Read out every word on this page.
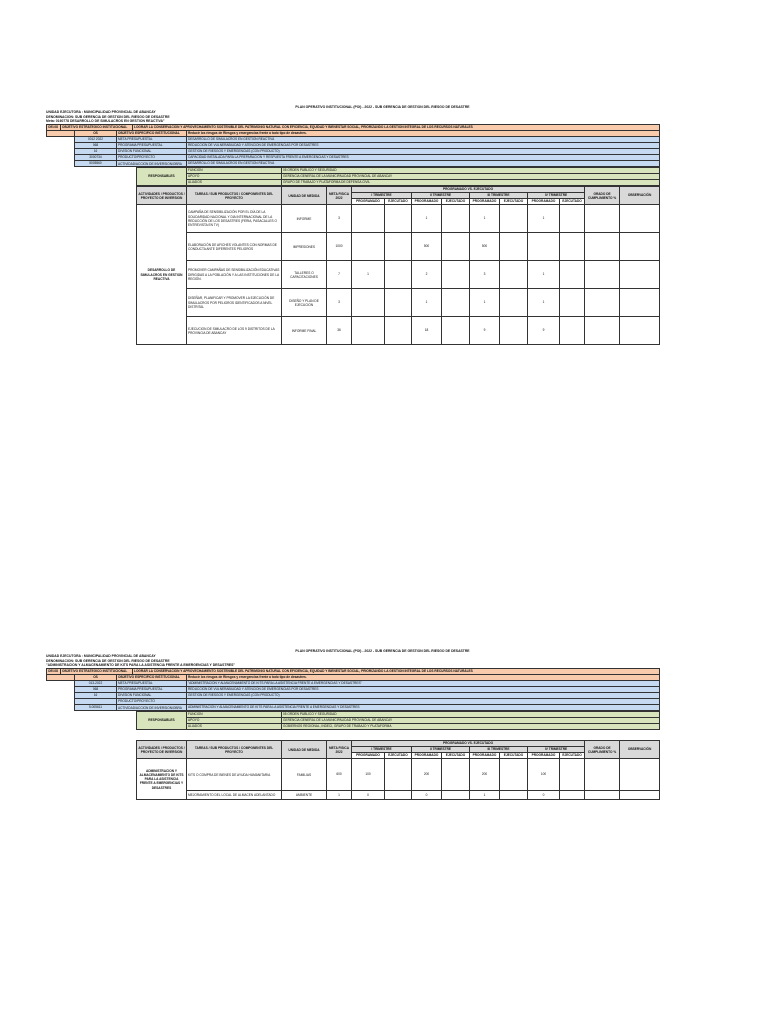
PLAN OPERATIVO INSTITUCIONAL (POI) - 2022 - SUB GERENCIA DE GESTION DEL RIESGO DE DESASTRE
UNIDAD EJECUTORA : MUNICIPALIDAD PROVINCIAL DE ABANCAY
DENOMINACION: SUB GERENCIA DE GESTION DEL RIESGO DE DESASTRE
Meta: 0160778 DESARROLLO DE SIMULACROS EN GESTION REACTIVA"
OEI.08	OBJETIVO ESTRATEGICO INSTITUCIONAL	LOGRAR LA CONSERVACION Y APROVECHAMIENTO SOSTENIBLE DEL PATRIMONIO NATURAL CON EFICIENCIA, EQUIDAD Y BIENESTAR SOCIAL, PRIORIZANDO LA GESTION INTEGRAL DE LOS RECURSOS NATURALES
	OS	OBJETIVO ESPECIFICO INSTITUCIONAL	Reducir los riesgos de Riesgos y emergencias frente a todo tipo de desastres.
	0012 2022	META PRESUPUESTAL	DESARROLLO DE SIMULACROS EN GESTION REACTIVA
	068	PROGRAMA PRESUPUESTAL	REDUCCION DE VULNERABILIDAD Y ATENCION DE EMERGENCIAS POR DESASTRES
	16	DIVISION FUNCIONAL	GESTION DE RIESGOS Y EMERGENCIAS (CON PRODUCTO)
	3000734	PRODUCTO/PROYECTO	CAPACIDAD INSTALADA PARA LA PREPARACION Y RESPUESTA FRENTE A EMERGENCIAS Y DESASTRES
	5005560	ACTIVIDAD/ACCION DE INVERSION/OBRA	DESARROLLO DE SIMULACROS EN GESTION REACTIVA
RESPONSABLES	FUNCION	05 ORDEN PUBLICO Y SEGURIDAD
	APOYO	GERENCIA GENERAL DE LA MUNICIPALIDAD PROVINCIAL DE ABANCAY
	ALIADOS	GRUPO DE TRABAJO Y PLATAFORMA DE DEFENSA CIVIL
ACTIVIDADES / PRODUCTOS / PROYECTO DE INVERSION	TAREAS / SUB PRODUCTOS / COMPONENTES DEL PROYECTO	UNIDAD DE MEDIDA	META FISICA 2022	PROGRAMADO VS. EJECUTADO								GRADO DE CUMPLIMIENTO %	OBSERVACIÓN
				I TRIMESTRE		II TRIMESTRE		III TRIMESTRE		IV TRIMESTRE			
				PROGRAMADO	EJECUTADO	PROGRAMADO	EJECUTADO	PROGRAMADO	EJECUTADO	PROGRAMADO	EJECUTADO		
DESARROLLO DE SIMULACROS EN GESTION REACTIVA	CAMPAÑA DE SENSIBILIZACIÓN POR EL DÍA DE LA SOLIDARIDAD NACIONAL Y DIA INTERNACIONAL DE LA REDUCCIÓN DE LOS DESASTRES (FERIA, PASACALLES O ENTREVISTA EN TV)	INFORME	3			1		1		1			
	ELABORACIÓN DE AFICHES VOLANTES CON NORMAS DE CONDUCTA ANTE DIFERENTES PELIGROS	IMPRESIONES	1000			500		500					
	PROMOVER CAMPAÑAS DE SENSIBILIZACIÓN EDUCATIVAS DIRIGIDAS A LA POBLACIÓN Y A LAS INSTITUCIONES DE LA REGIÓN.	TALLERES O CAPACITACIONES	7	1		2		3		1			
	DISEÑAR, PLANIFICAR Y PROMOVER LA EJECUCIÓN DE SIMULACROS POR PELIGROS IDENTIFICADOS A NIVEL DISTRITAL	DISEÑO Y PLAN DE EJECUCION	3			1		1		1			
	EJECUCION DE SIMULACRO DE LOS 9 DISTRITOS DE LA PROVINCIA DE ABANCAY	INFORME FINAL	36			18		9		9			
PLAN OPERATIVO INSTITUCIONAL (POI) - 2022 - SUB GERENCIA DE GESTION DEL RIESGO DE DESASTRE
UNIDAD EJECUTORA : MUNICIPALIDAD PROVINCIAL DE ABANCAY
DENOMINACION: SUB GERENCIA DE GESTION DEL RIESGO DE DESASTRE
"ADMINISTRACION Y ALMACENAMIENTO DE KITS PARA LA ASISTENCIA FRENTE A EMERGENCIAS Y DESASTRES"
OEI.08	OBJETIVO ESTRATEGICO INSTITUCIONAL	LOGRAR LA CONSERVACION Y APROVECHAMIENTO SOSTENIBLE DEL PATRIMONIO NATURAL CON EFICIENCIA, EQUIDAD Y BIENESTAR SOCIAL, PRIORIZANDO LA GESTION INTEGRAL DE LOS RECURSOS NATURALES
	OS	OBJETIVO ESPECIFICO INSTITUCIONAL	Reducir los riesgos de Riesgos y emergencias frente a todo tipo de desastres.
	013-2022	META PRESUPUESTAL	"ADMINISTRACION Y ALMACENAMIENTO DE KITS PARA LA ASISTENCIA FRENTE A EMERGENCIAS Y DESASTRES"
	068	PROGRAMA PRESUPUESTAL	REDUCCION DE VULNERABILIDAD Y ATENCION DE EMERGENCIAS POR DESASTRES
	16	DIVISION FUNCIONAL	GESTION DE RIESGOS Y EMERGENCIAS (CON PRODUCTO)
		PRODUCTO/PROYECTO	
	5.005611	ACTIVIDAD/ACCION DE INVERSION/OBRA	ADMINISTRACION Y ALMACENAMIENTO DE KITS PARA LA ASISTENCIA FRENTE A EMERGENCIAS Y DESASTRES
RESPONSABLES	FUNCION	05 ORDEN PUBLICO Y SEGURIDAD
	APOYO	GERENCIA GENERAL DE LA MUNICIPALIDAD PROVINCIAL DE ABANCAY
	ALIADOS	GOBIERNOS REGIONAL, INDECI, GRUPO DE TRABAJO Y PLATAFORMA
ACTIVIDADES / PRODUCTOS / PROYECTO DE INVERSION	TAREAS / SUB PRODUCTOS / COMPONENTES DEL PROYECTO	UNIDAD DE MEDIDA	META FISICA 2022	PROGRAMADO VS. EJECUTADO								GRADO DE CUMPLIMIENTO %	OBSERVACIÓN
				I TRIMESTRE		II TRIMESTRE		III TRIMESTRE		IV TRIMESTRE			
				PROGRAMADO	EJECUTADO	PROGRAMADO	EJECUTADO	PROGRAMADO	EJECUTADO	PROGRAMADO	EJECUTADO		
ADMINISTRACION Y ALMACENAMIENTO DE KITS PARA LA ASISTENCIA FRENTE A EMERGENCIAS Y DESASTRES	KITS O COMPRA DE BIENES DE AYUDA HUMANITARIA	FAMILIAS	600	100		200		200		100			
	MEJORAMIENTO DEL LOCAL DE ALMACEN ADELANTADO	AMBIENTE	1	0		0		1		0			
